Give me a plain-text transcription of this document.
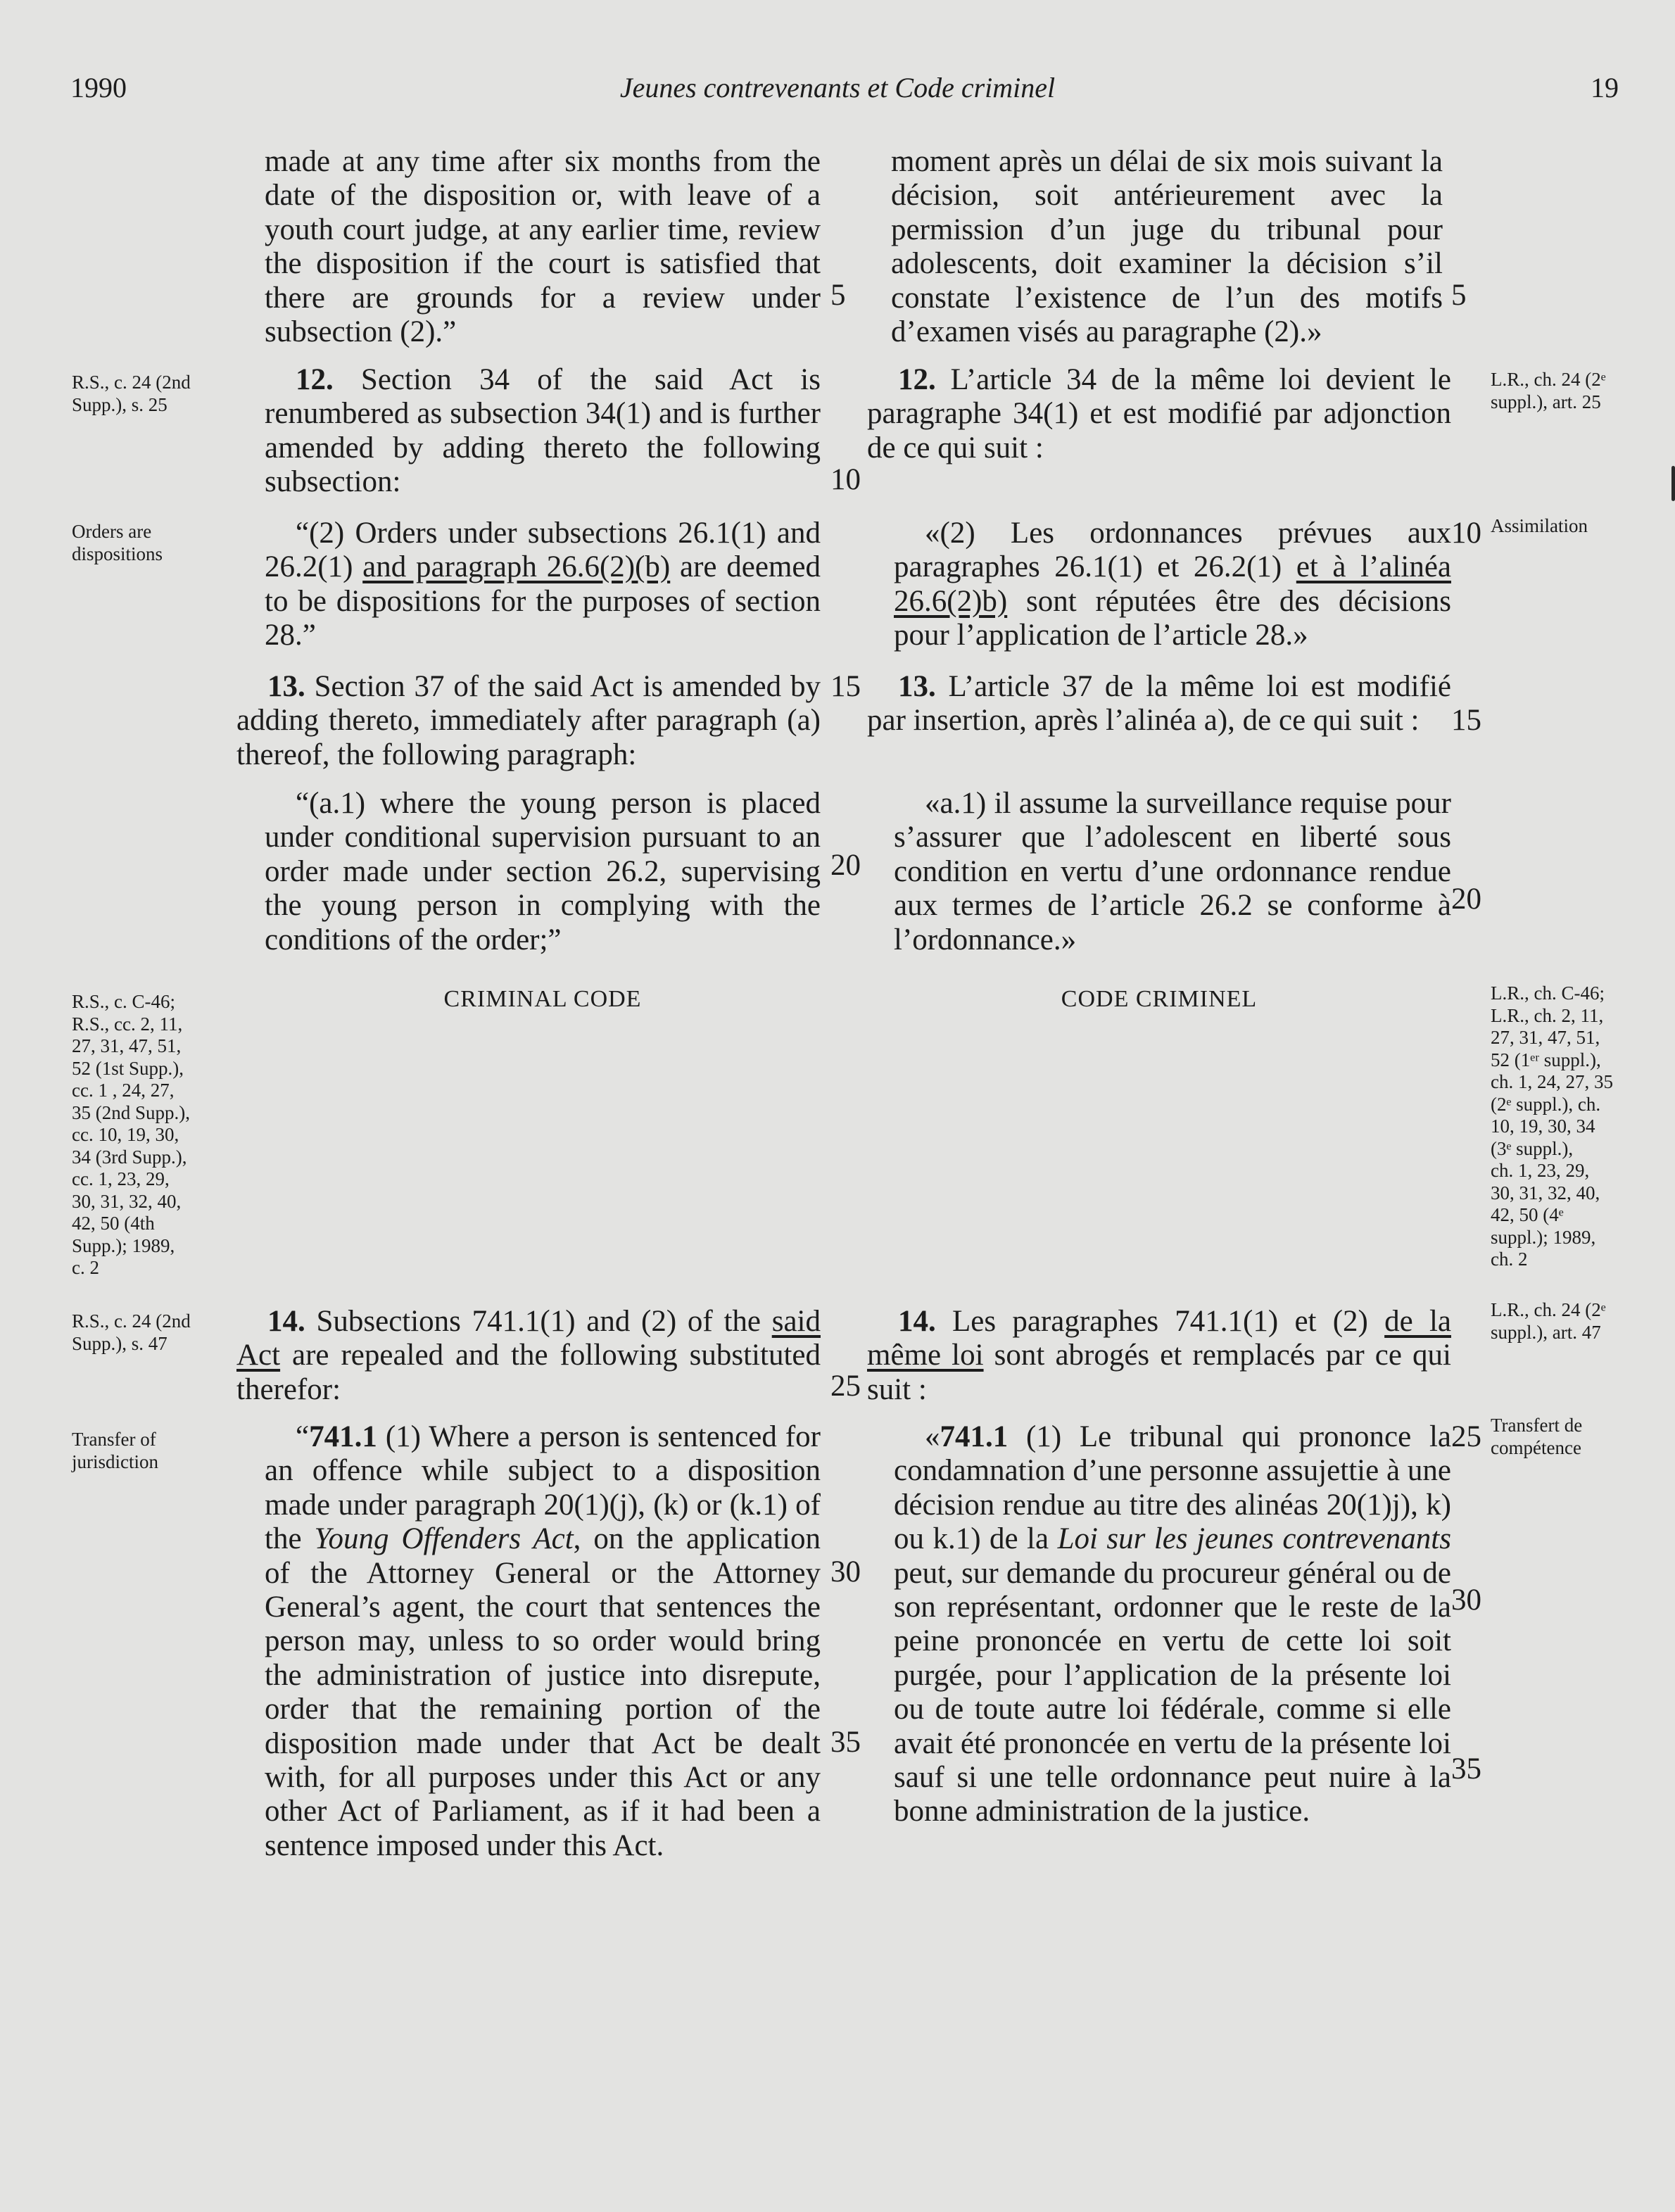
1990	Jeunes contrevenants et Code criminel	19
made at any time after six months from the date of the disposition or, with leave of a youth court judge, at any earlier time, review the disposition if the court is satisfied that there are grounds for a review under subsection (2).”
12. Section 34 of the said Act is renumbered as subsection 34(1) and is further amended by adding thereto the following subsection:
“(2) Orders under subsections 26.1(1) and 26.2(1) and paragraph 26.6(2)(b) are deemed to be dispositions for the purposes of section 28.”
13. Section 37 of the said Act is amended by adding thereto, immediately after paragraph (a) thereof, the following paragraph:
“(a.1) where the young person is placed under conditional supervision pursuant to an order made under section 26.2, supervising the young person in complying with the conditions of the order;”
CRIMINAL CODE
14. Subsections 741.1(1) and (2) of the said Act are repealed and the following substituted therefor:
“741.1 (1) Where a person is sentenced for an offence while subject to a disposition made under paragraph 20(1)(j), (k) or (k.1) of the Young Offenders Act, on the application of the Attorney General or the Attorney General’s agent, the court that sentences the person may, unless to so order would bring the administration of justice into disrepute, order that the remaining portion of the disposition made under that Act be dealt with, for all purposes under this Act or any other Act of Parliament, as if it had been a sentence imposed under this Act.
moment après un délai de six mois suivant la décision, soit antérieurement avec la permission d’un juge du tribunal pour adolescents, doit examiner la décision s’il constate l’existence de l’un des motifs d’examen visés au paragraphe (2).»
12. L’article 34 de la même loi devient le paragraphe 34(1) et est modifié par adjonction de ce qui suit :
«(2) Les ordonnances prévues aux paragraphes 26.1(1) et 26.2(1) et à l’alinéa 26.6(2)b) sont réputées être des décisions pour l’application de l’article 28.»
13. L’article 37 de la même loi est modifié par insertion, après l’alinéa a), de ce qui suit :
«a.1) il assume la surveillance requise pour s’assurer que l’adolescent en liberté sous condition en vertu d’une ordonnance rendue aux termes de l’article 26.2 se conforme à l’ordonnance.»
CODE CRIMINEL
14. Les paragraphes 741.1(1) et (2) de la même loi sont abrogés et remplacés par ce qui suit :
«741.1 (1) Le tribunal qui prononce la condamnation d’une personne assujettie à une décision rendue au titre des alinéas 20(1)j), k) ou k.1) de la Loi sur les jeunes contrevenants peut, sur demande du procureur général ou de son représentant, ordonner que le reste de la peine prononcée en vertu de cette loi soit purgée, pour l’application de la présente loi ou de toute autre loi fédérale, comme si elle avait été prononcée en vertu de la présente loi sauf si une telle ordonnance peut nuire à la bonne administration de la justice.
R.S., c. 24 (2nd
Supp.), s. 25
Orders are
dispositions
R.S., c. C-46;
R.S., cc. 2, 11,
27, 31, 47, 51,
52 (1st Supp.),
cc. 1 , 24, 27,
35 (2nd Supp.),
cc. 10, 19, 30,
34 (3rd Supp.),
cc. 1, 23, 29,
30, 31, 32, 40,
42, 50 (4th
Supp.); 1989,
c. 2
R.S., c. 24 (2nd
Supp.), s. 47
Transfer of
jurisdiction
L.R., ch. 24 (2ᵉ
suppl.), art. 25
Assimilation
L.R., ch. C-46;
L.R., ch. 2, 11,
27, 31, 47, 51,
52 (1ᵉʳ suppl.),
ch. 1, 24, 27, 35
(2ᵉ suppl.), ch.
10, 19, 30, 34
(3ᵉ suppl.),
ch. 1, 23, 29,
30, 31, 32, 40,
42, 50 (4ᵉ
suppl.); 1989,
ch. 2
L.R., ch. 24 (2ᵉ
suppl.), art. 47
Transfert de
compétence
5
10
15
20
25
30
35
5
10
15
20
25
30
35
